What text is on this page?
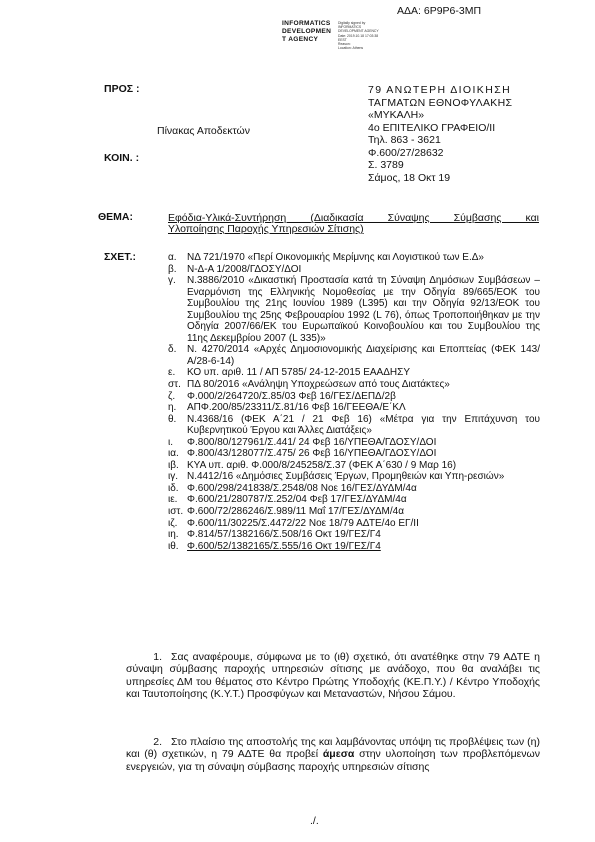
ΑΔΑ: 6Ρ9Ρ6-3ΜΠ
INFORMATICS
DEVELOPMEN
T AGENCY
Digitally signed by
INFORMATICS
DEVELOPMENT AGENCY
Date: 2019.10.18 17:03:38
EEST
Reason:
Location: Athens
ΠΡΟΣ :
Πίνακας Αποδεκτών
ΚΟΙΝ. :
79 ΑΝΩΤΕΡΗ ΔΙΟΙΚΗΣΗ
ΤΑΓΜΑΤΩΝ ΕΘΝΟΦΥΛΑΚΗΣ
«ΜΥΚΑΛΗ»
4ο ΕΠΙΤΕΛΙΚΟ ΓΡΑΦΕΙΟ/ΙΙ
Τηλ. 863 - 3621
Φ.600/27/28632
Σ. 3789
Σάμος, 18 Οκτ 19
ΘΕΜΑ:	Εφόδια-Υλικά-Συντήρηση (Διαδικασία Σύναψης Σύμβασης και
Υλοποίησης Παροχής Υπηρεσιών Σίτισης)
ΣΧΕΤ.:	α.	ΝΔ 721/1970 «Περί Οικονομικής Μερίμνης και Λογιστικού των Ε.Δ»
β.	Ν-Δ-Α 1/2008/ΓΔΟΣΥ/ΔΟΙ
γ.	Ν.3886/2010 «Δικαστική Προστασία κατά τη Σύναψη Δημόσιων Συμβάσεων – Εναρμόνιση της Ελληνικής Νομοθεσίας με την Οδηγία 89/665/ΕΟΚ του Συμβουλίου της 21ης Ιουνίου 1989 (L395) και την Οδηγία 92/13/ΕΟΚ του Συμβουλίου της 25ης Φεβρουαρίου 1992 (L 76), όπως Τροποποιήθηκαν με την Οδηγία 2007/66/ΕΚ του Ευρωπαϊκού Κοινοβουλίου και του Συμβουλίου της 11ης Δεκεμβρίου 2007 (L 335)»
δ.	Ν. 4270/2014 «Αρχές Δημοσιονομικής Διαχείρισης και Εποπτείας (ΦΕΚ 143/Α/28-6-14)
ε.	ΚΟ υπ. αριθ. 11 / ΑΠ 5785/ 24-12-2015 ΕΑΑΔΗΣΥ
στ. ΠΔ 80/2016 «Ανάληψη Υποχρεώσεων από τους Διατάκτες»
ζ.	Φ.000/2/264720/Σ.85/03 Φεβ 16/ΓΕΣ/ΔΕΠΔ/2β
η.	ΑΠΦ.200/85/23311/Σ.81/16 Φεβ 16/ΓΕΕΘΑ/Ε΄ΚΛ
θ.	Ν.4368/16 (ΦΕΚ Α΄21 / 21 Φεβ 16) «Μέτρα για την Επιτάχυνση του Κυβερνητικού Έργου και Άλλες Διατάξεις»
ι.	Φ.800/80/127961/Σ.441/ 24 Φεβ 16/ΥΠΕΘΑ/ΓΔΟΣΥ/ΔΟΙ
ια. Φ.800/43/128077/Σ.475/ 26 Φεβ 16/ΥΠΕΘΑ/ΓΔΟΣΥ/ΔΟΙ
ιβ. ΚΥΑ υπ. αριθ. Φ.000/8/245258/Σ.37 (ΦΕΚ Α΄630 / 9 Μαρ 16)
ιγ. Ν.4412/16 «Δημόσιες Συμβάσεις Έργων, Προμηθειών και Υπη-ρεσιών»
ιδ. Φ.600/298/241838/Σ.2548/08 Νοε 16/ΓΕΣ/ΔΥΔΜ/4α
ιε. Φ.600/21/280787/Σ.252/04 Φεβ 17/ΓΕΣ/ΔΥΔΜ/4α
ιστ. Φ.600/72/286246/Σ.989/11 Μαΐ 17/ΓΕΣ/ΔΥΔΜ/4α
ιζ. Φ.600/11/30225/Σ.4472/22 Νοε 18/79 ΑΔΤΕ/4ο ΕΓ/ΙΙ
ιη. Φ.814/57/1382166/Σ.508/16 Οκτ 19/ΓΕΣ/Γ4
ιθ. Φ.600/52/1382165/Σ.555/16 Οκτ 19/ΓΕΣ/Γ4
1. Σας αναφέρουμε, σύμφωνα με το (ιθ) σχετικό, ότι ανατέθηκε στην 79 ΑΔΤΕ η σύναψη σύμβασης παροχής υπηρεσιών σίτισης με ανάδοχο, που θα αναλάβει τις υπηρεσίες ΔΜ του θέματος στο Κέντρο Πρώτης Υποδοχής (ΚΕ.Π.Υ.) / Κέντρο Υποδοχής και Ταυτοποίησης (Κ.Υ.Τ.) Προσφύγων και Μεταναστών, Νήσου Σάμου.
2. Στο πλαίσιο της αποστολής της και λαμβάνοντας υπόψη τις προβλέψεις των (η) και (θ) σχετικών, η 79 ΑΔΤΕ θα προβεί άμεσα στην υλοποίηση των προβλεπόμενων ενεργειών, για τη σύναψη σύμβασης παροχής υπηρεσιών σίτισης
./.
